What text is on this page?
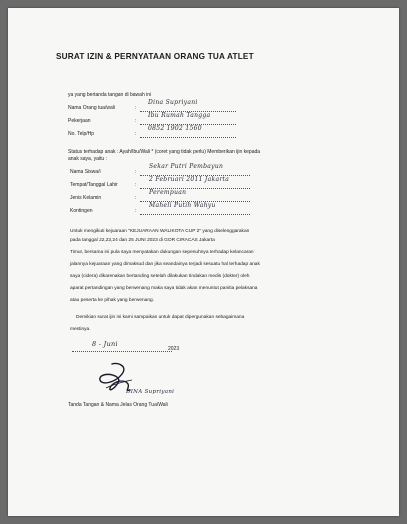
SURAT IZIN & PERNYATAAN ORANG TUA ATLET
ya yang bertanda tangan di bawah ini
Nama Orang tua/wali	:
Dina Supriyani
Pekerjaan	:
Ibu Rumah Tangga
No. Telp/Hp	:
0852 1902 1560
Status terhadap anak : Ayah/Ibu/Wali * (coret yang tidak perlu) Memberikan ijin kepada
anak saya, yaitu :
Nama Siswa/i	:
Sekar Putri Pembayun
Tempat/Tanggal Lahir	:
2 Februari 2011 Jakarta
Jenis Kelamin	:
Perempuan
Kontingen	:
Maheli Putih Wahyu
Untuk mengikuti kejuaraan "KEJUARAAN WALIKOTA CUP 2" yang diselenggarakan
pada tanggal 22,23,24 dan 25 JUNI 2023 di GOR CIRACAS Jakarta
Timur, bersama ini pula saya menyatakan dukungan sepenuhnya terhadap kelancaran
jalannya kejuaraan yang dimaksud dan jika seandainya terjadi sesuatu hal terhadap anak
saya (cidera) dikarenakan bertanding setelah dilakukan tindakan medis (dokter) oleh
aparat pertandingan yang berwenang maka saya tidak akan menuntut panitia pelaksana
atau peserta ke pihak yang berwenang.
Demikian surat ijin ini kami sampaikan untuk dapat dipergunakan sebagaimana
mestinya.
8 - Juni
2023
DINA Supriyani
Tanda Tangan & Nama Jelas Orang Tua/Wali
